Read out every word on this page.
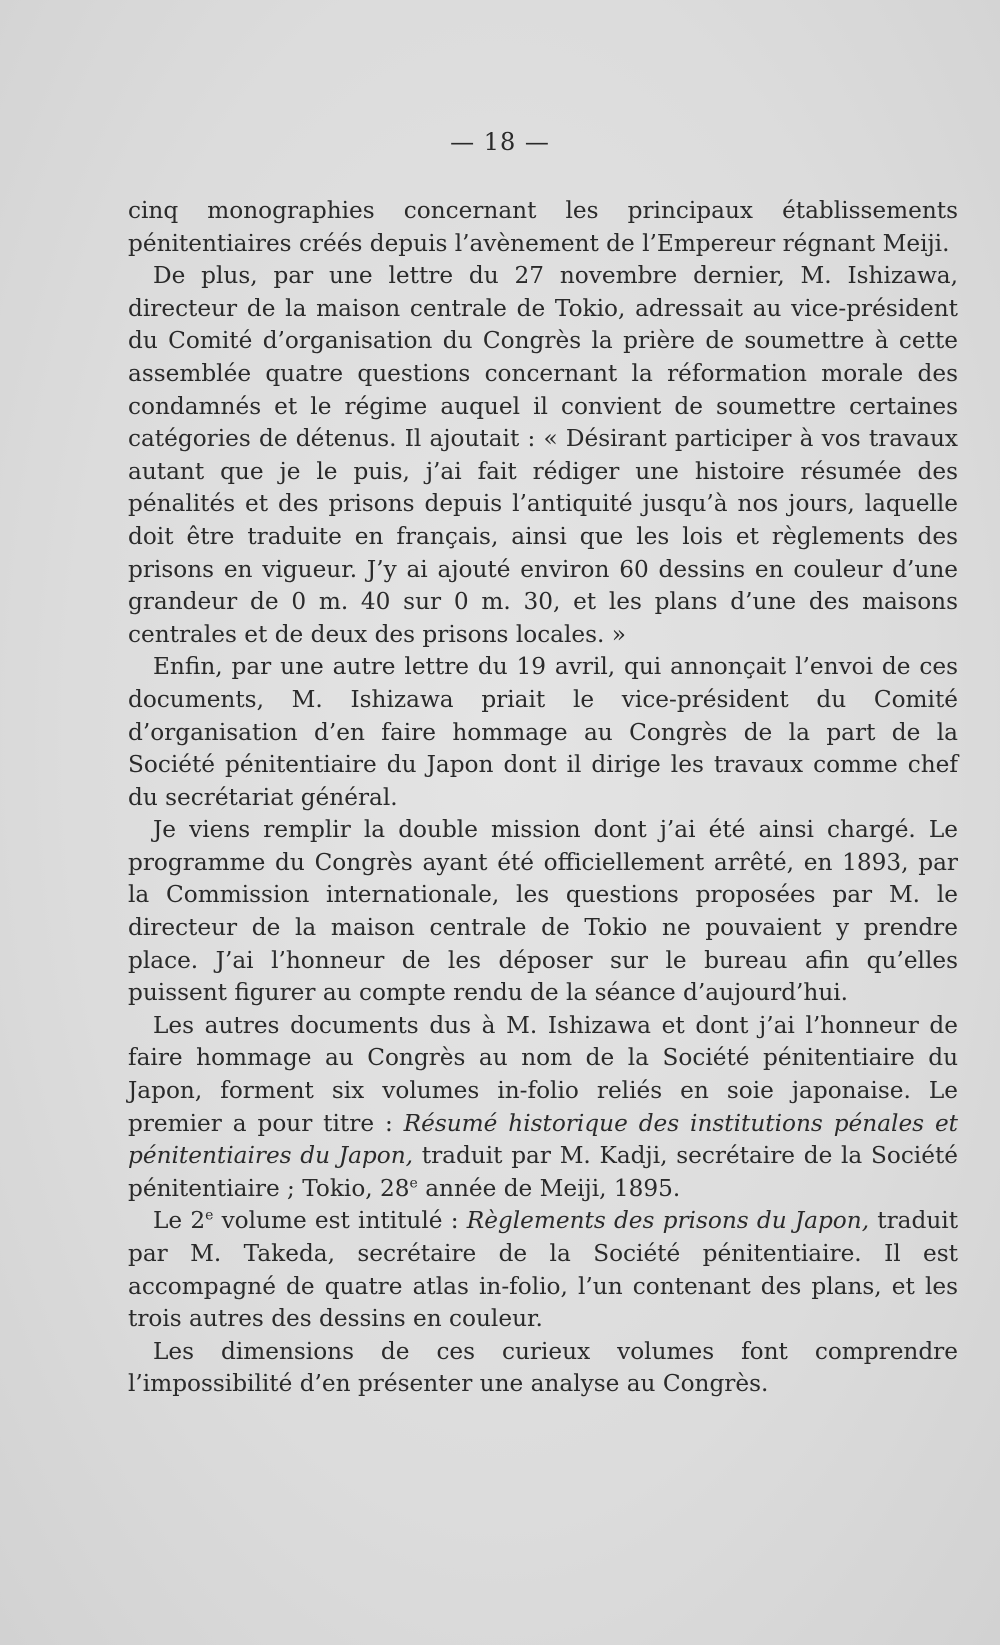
— 18 —

cinq monographies concernant les principaux établissements pénitentiaires créés depuis l’avènement de l’Empereur régnant Meiji.

De plus, par une lettre du 27 novembre dernier, M. Ishizawa, directeur de la maison centrale de Tokio, adressait au vice-président du Comité d’organisation du Congrès la prière de soumettre à cette assemblée quatre questions concernant la réformation morale des condamnés et le régime auquel il convient de soumettre certaines catégories de détenus. Il ajoutait : « Désirant participer à vos travaux autant que je le puis, j’ai fait rédiger une histoire résumée des pénalités et des prisons depuis l’antiquité jusqu’à nos jours, laquelle doit être traduite en français, ainsi que les lois et règlements des prisons en vigueur. J’y ai ajouté environ 60 dessins en couleur d’une grandeur de 0 m. 40 sur 0 m. 30, et les plans d’une des maisons centrales et de deux des prisons locales. »

Enfin, par une autre lettre du 19 avril, qui annonçait l’envoi de ces documents, M. Ishizawa priait le vice-président du Comité d’organisation d’en faire hommage au Congrès de la part de la Société pénitentiaire du Japon dont il dirige les travaux comme chef du secrétariat général.

Je viens remplir la double mission dont j’ai été ainsi chargé. Le programme du Congrès ayant été officiellement arrêté, en 1893, par la Commission internationale, les questions proposées par M. le directeur de la maison centrale de Tokio ne pouvaient y prendre place. J’ai l’honneur de les déposer sur le bureau afin qu’elles puissent figurer au compte rendu de la séance d’aujourd’hui.

Les autres documents dus à M. Ishizawa et dont j’ai l’honneur de faire hommage au Congrès au nom de la Société pénitentiaire du Japon, forment six volumes in-folio reliés en soie japonaise. Le premier a pour titre : Résumé historique des institutions pénales et pénitentiaires du Japon, traduit par M. Kadji, secrétaire de la Société pénitentiaire ; Tokio, 28e année de Meiji, 1895.

Le 2e volume est intitulé : Règlements des prisons du Japon, traduit par M. Takeda, secrétaire de la Société pénitentiaire. Il est accompagné de quatre atlas in-folio, l’un contenant des plans, et les trois autres des dessins en couleur.

Les dimensions de ces curieux volumes font comprendre l’impossibilité d’en présenter une analyse au Congrès.
